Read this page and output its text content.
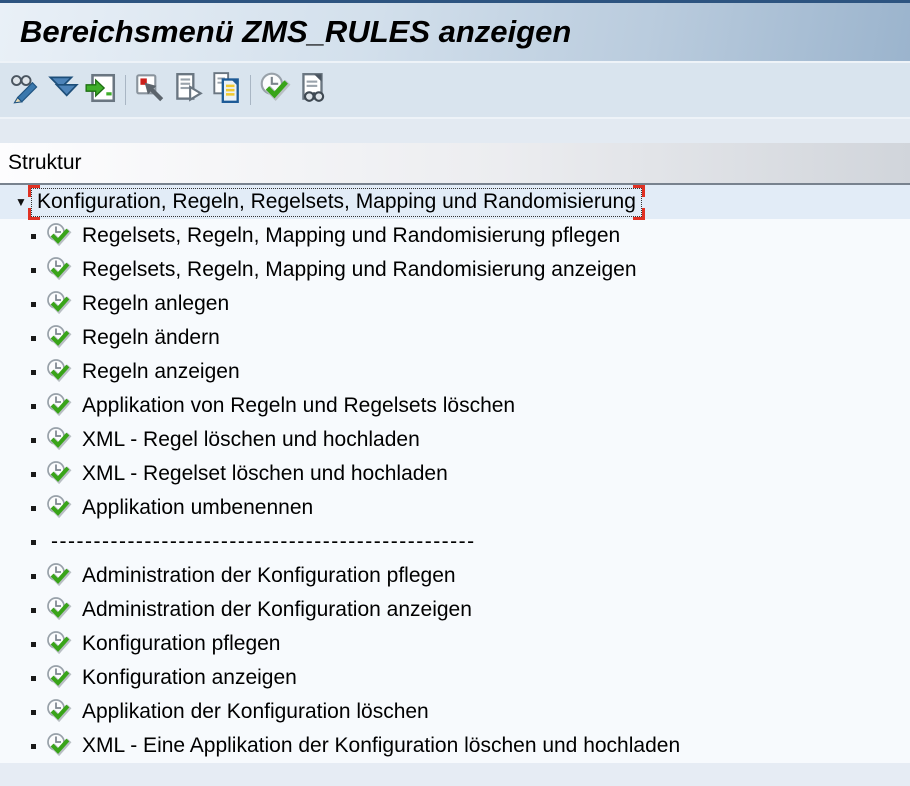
Bereichsmenü ZMS_RULES anzeigen
Struktur
▼ Konfiguration, Regeln, Regelsets, Mapping und Randomisierung
Regelsets, Regeln, Mapping und Randomisierung pflegen
Regelsets, Regeln, Mapping und Randomisierung anzeigen
Regeln anlegen
Regeln ändern
Regeln anzeigen
Applikation von Regeln und Regelsets löschen
XML - Regel löschen und hochladen
XML - Regelset löschen und hochladen
Applikation umbenennen
--------------------------------------------------
Administration der Konfiguration pflegen
Administration der Konfiguration anzeigen
Konfiguration pflegen
Konfiguration anzeigen
Applikation der Konfiguration löschen
XML - Eine Applikation der Konfiguration löschen und hochladen
